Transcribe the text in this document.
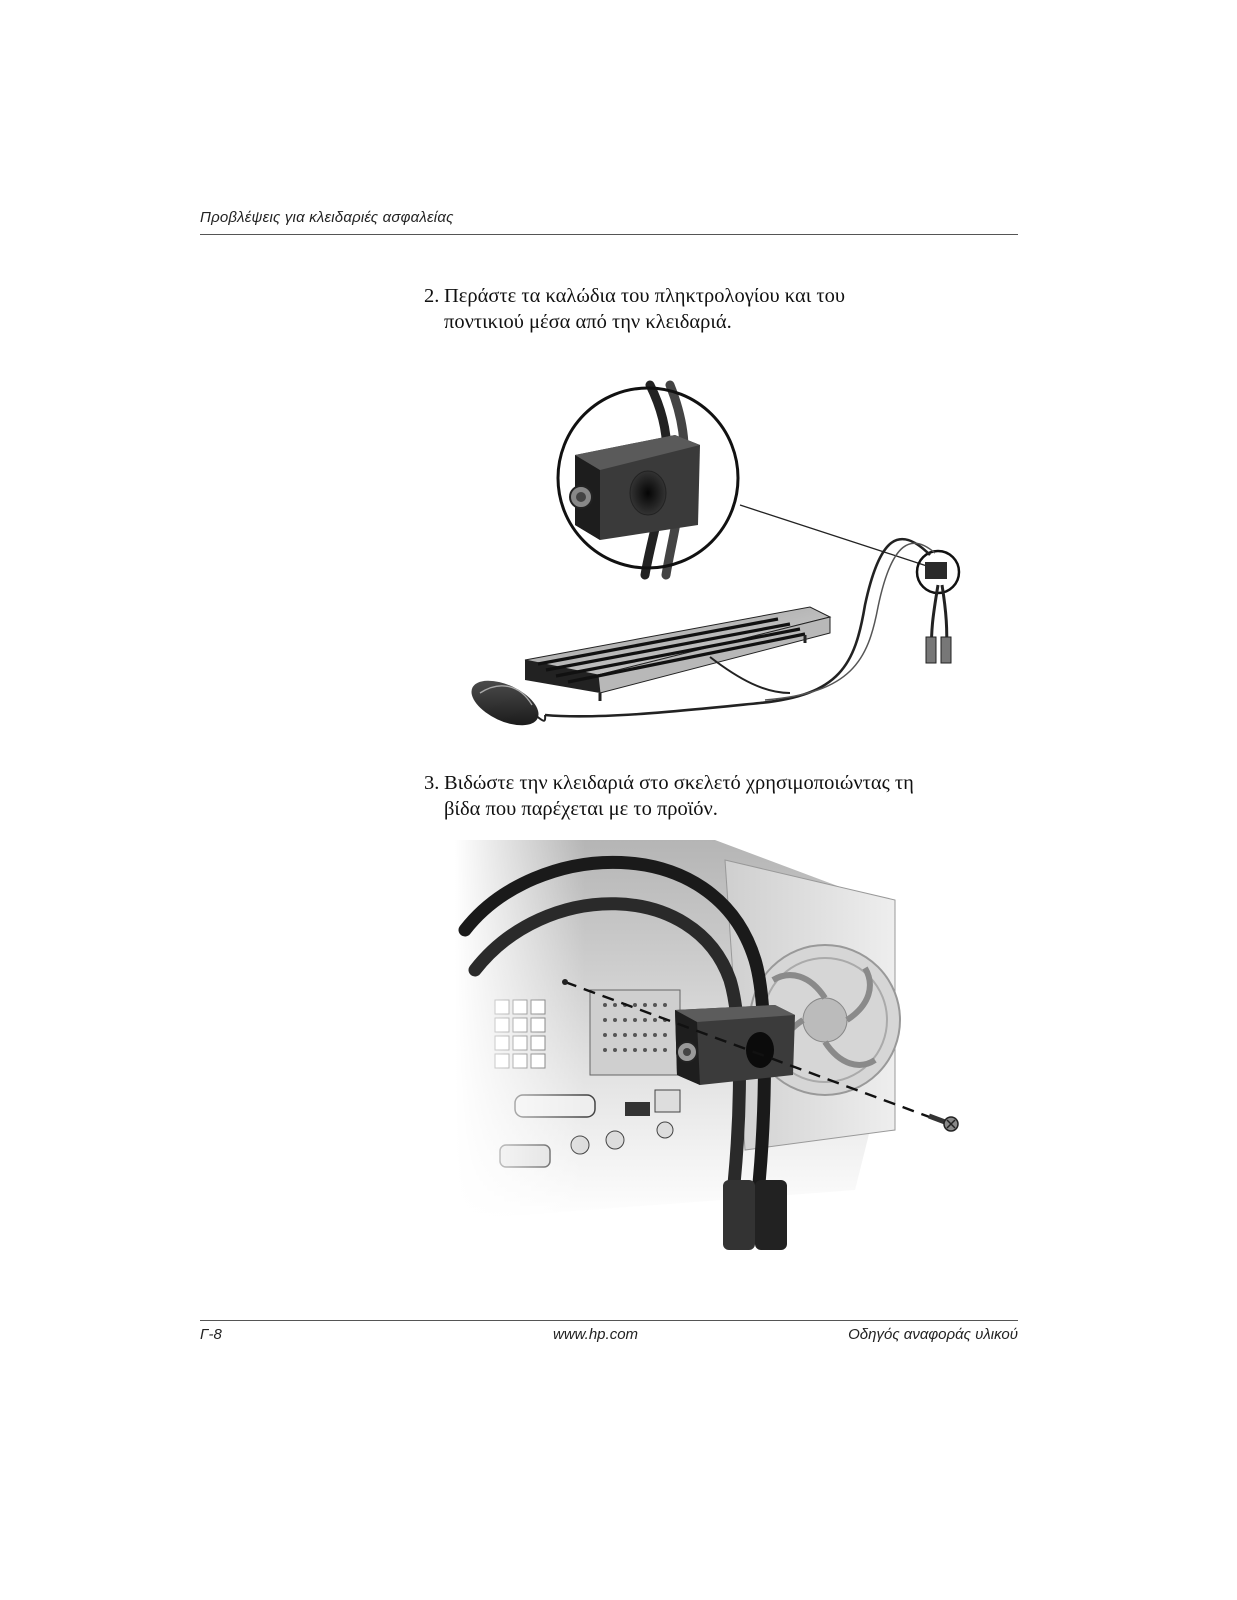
Προβλέψεις για κλειδαριές ασφαλείας
2. Περάστε τα καλώδια του πληκτρολογίου και του
ποντικιού μέσα από την κλειδαριά.
3. Βιδώστε την κλειδαριά στο σκελετό χρησιμοποιώντας τη
βίδα που παρέχεται με το προϊόν.
Γ-8	www.hp.com	Οδηγός αναφοράς υλικού
